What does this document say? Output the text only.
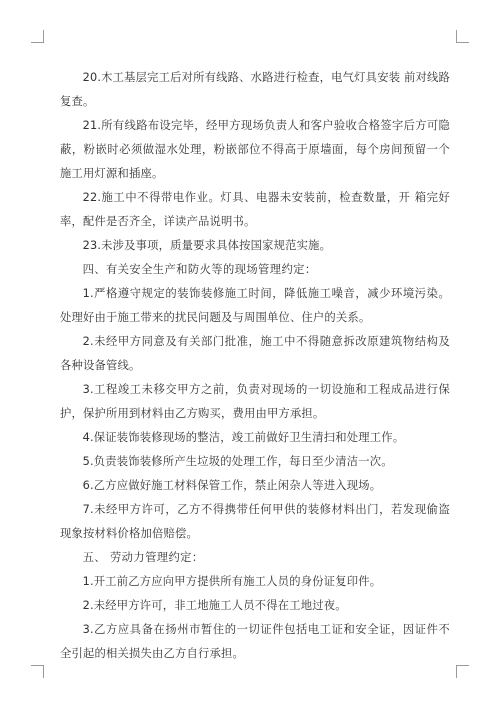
20.木工基层完工后对所有线路、水路进行检查，电气灯具安装 前对线路复查。

21.所有线路布设完毕，经甲方现场负责人和客户验收合格签字后方可隐蔽，粉嵌时必须做湿水处理，粉嵌部位不得高于原墙面，每个房间预留一个施工用灯源和插座。

22.施工中不得带电作业。灯具、电器未安装前，检查数量，开 箱完好率，配件是否齐全，详读产品说明书。

23.未涉及事项，质量要求具体按国家规范实施。

四、有关安全生产和防火等的现场管理约定：

1.严格遵守规定的装饰装修施工时间，降低施工噪音，减少环境污染。处理好由于施工带来的扰民问题及与周围单位、住户的关系。

2.未经甲方同意及有关部门批准，施工中不得随意拆改原建筑物结构及各种设备管线。

3.工程竣工未移交甲方之前，负责对现场的一切设施和工程成品进行保护，保护所用到材料由乙方购买，费用由甲方承担。

4.保证装饰装修现场的整洁，竣工前做好卫生清扫和处理工作。

5.负责装饰装修所产生垃圾的处理工作，每日至少清洁一次。

6.乙方应做好施工材料保管工作，禁止闲杂人等进入现场。

7.未经甲方许可，乙方不得携带任何甲供的装修材料出门，若发现偷盗现象按材料价格加倍赔偿。

五、 劳动力管理约定：

1.开工前乙方应向甲方提供所有施工人员的身份证复印件。

2.未经甲方许可，非工地施工人员不得在工地过夜。

3.乙方应具备在扬州市暂住的一切证件包括电工证和安全证，因证件不全引起的相关损失由乙方自行承担。
